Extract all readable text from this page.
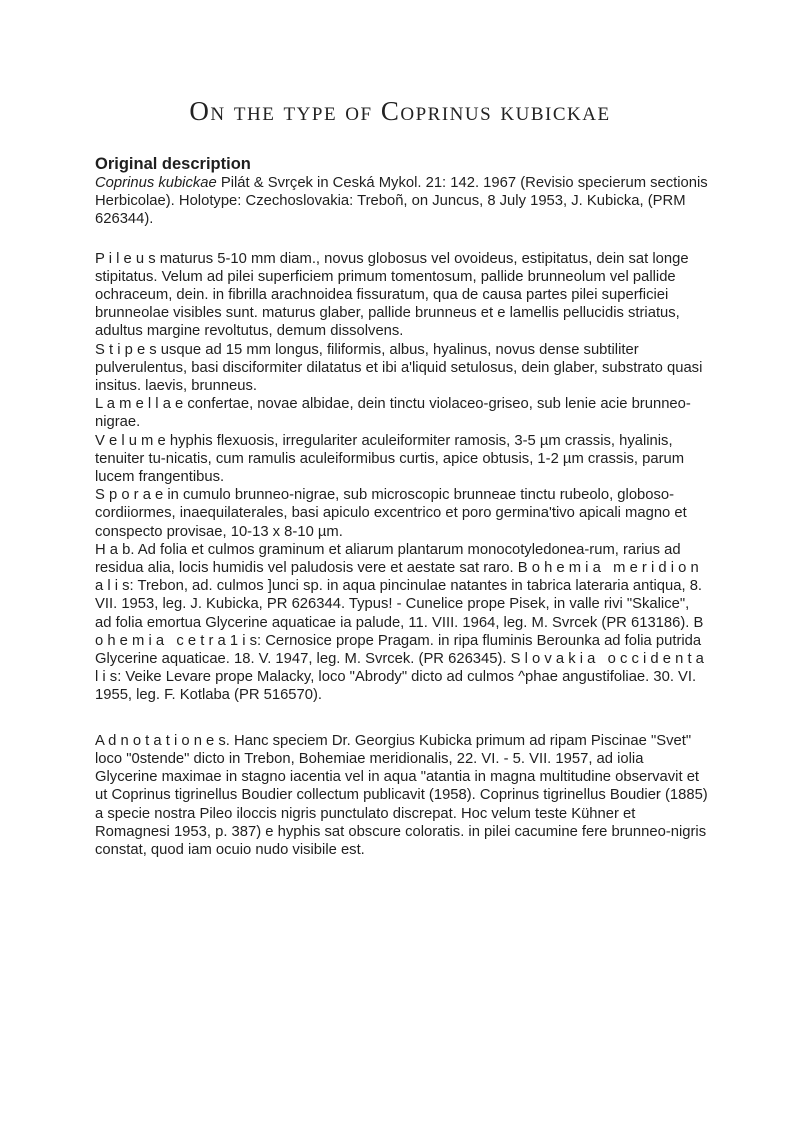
On the type of Coprinus kubickae
Original description

Coprinus kubickae Pilát & Svrçek in Ceská Mykol. 21: 142. 1967 (Revisio specierum sectionis Herbicolae). Holotype: Czechoslovakia: Treboñ, on Juncus, 8 July 1953, J. Kubicka, (PRM 626344).

P i l e u s maturus 5-10 mm diam., novus globosus vel ovoideus, estipitatus, dein sat longe stipitatus. Velum ad pilei superficiem primum tomentosum, pallide brunneolum vel pallide ochraceum, dein. in fibrilla arachnoidea fissuratum, qua de causa partes pilei superficiei brunneolae visibles sunt. maturus glaber, pallide brunneus et e lamellis pellucidis striatus, adultus margine revoltutus, demum dissolvens.

S t i p e s usque ad 15 mm longus, filiformis, albus, hyalinus, novus dense subtiliter pulverulentus, basi disciformiter dilatatus et ibi a'liquid setulosus, dein glaber, substrato quasi insitus. laevis, brunneus.

L a m e l l a e confertae, novae albidae, dein tinctu violaceo-griseo, sub lenie acie brunneo-nigrae.

V e l u m e hyphis flexuosis, irregulariter aculeiformiter ramosis, 3-5 µm crassis, hyalinis, tenuiter tu-nicatis, cum ramulis aculeiformibus curtis, apice obtusis, 1-2 µm crassis, parum lucem frangentibus.

S p o r a e in cumulo brunneo-nigrae, sub microscopic brunneae tinctu rubeolo, globoso-cordiiormes, inaequilaterales, basi apiculo excentrico et poro germina'tivo apicali magno et conspecto provisae, 10-13 x 8-10 µm.

H a b. Ad folia et culmos graminum et aliarum plantarum monocotyledonea-rum, rarius ad residua alia, locis humidis vel paludosis vere et aestate sat raro. B o h e m i a   m e r i d i o n a l i s: Trebon, ad. culmos ]unci sp. in aqua pincinulae natantes in tabrica lateraria antiqua, 8. VII. 1953, leg. J. Kubicka, PR 626344. Typus! - Cunelice prope Pisek, in valle rivi "Skalice", ad folia emortua Glycerine aquaticae ia palude, 11. VIII. 1964, leg. M. Svrcek (PR 613186). B o h e m i a   c e t r a 1 i s: Cernosice prope Pragam. in ripa fluminis Berounka ad folia putrida Glycerine aquaticae. 18. V. 1947, leg. M. Svrcek. (PR 626345). S l o v a k i a   o c c i d e n t a l i s: Veike Levare prope Malacky, loco "Abrody" dicto ad culmos ^phae angustifoliae. 30. VI. 1955, leg. F. Kotlaba (PR 516570).

A d n o t a t i o n e s. Hanc speciem Dr. Georgius Kubicka primum ad ripam Piscinae "Svet" loco "0stende" dicto in Trebon, Bohemiae meridionalis, 22. VI. - 5. VII. 1957, ad iolia Glycerine maximae in stagno iacentia vel in aqua "atantia in magna multitudine observavit et ut Coprinus tigrinellus Boudier collectum publicavit (1958). Coprinus tigrinellus Boudier (1885) a specie nostra Pileo iloccis nigris punctulato discrepat. Hoc velum teste Kühner et Romagnesi 1953, p. 387) e hyphis sat obscure coloratis. in pilei cacumine fere brunneo-nigris constat, quod iam ocuio nudo visibile est.
